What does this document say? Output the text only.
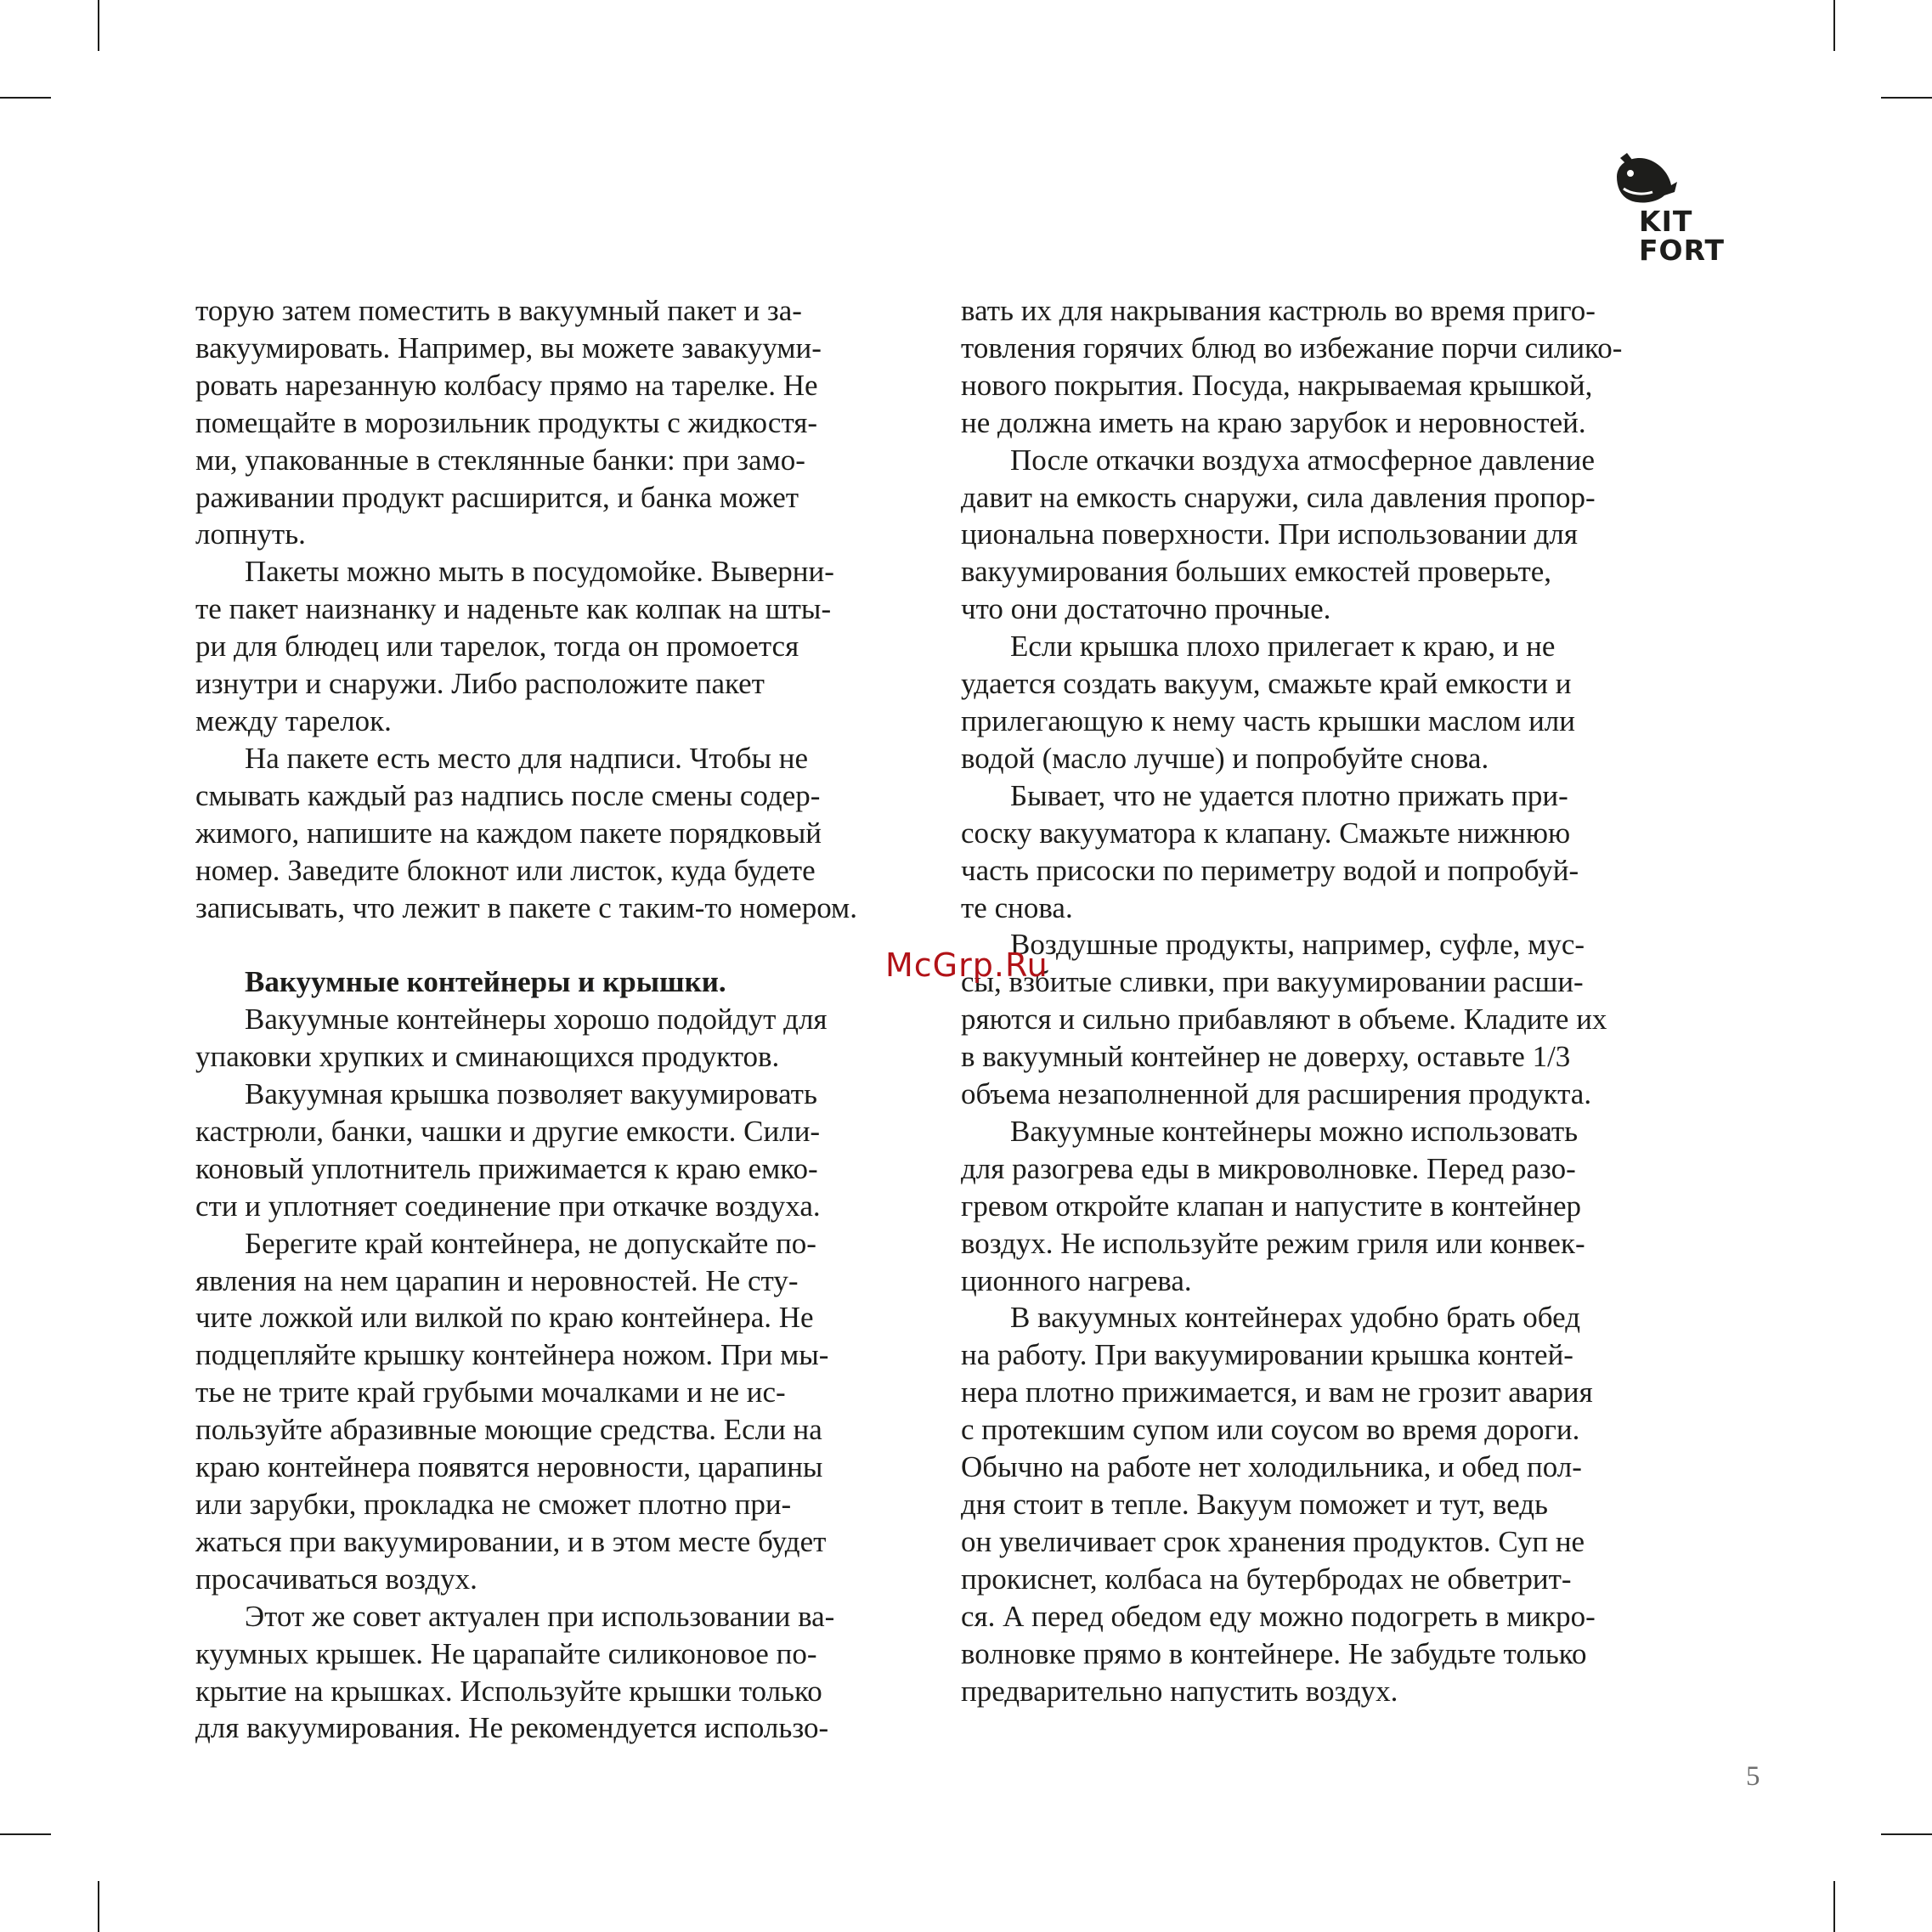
KIT
FORT

торую затем поместить в вакуумный пакет и за-
вакуумировать. Например, вы можете завакууми-
ровать нарезанную колбасу прямо на тарелке. Не
помещайте в морозильник продукты с жидкостя-
ми, упакованные в стеклянные банки: при замо-
раживании продукт расширится, и банка может
лопнуть.

Пакеты можно мыть в посудомойке. Выверни-
те пакет наизнанку и наденьте как колпак на шты-
ри для блюдец или тарелок, тогда он промоется
изнутри и снаружи. Либо расположите пакет
между тарелок.

На пакете есть место для надписи. Чтобы не
смывать каждый раз надпись после смены содер-
жимого, напишите на каждом пакете порядковый
номер. Заведите блокнот или листок, куда будете
записывать, что лежит в пакете с таким-то номером.

Вакуумные контейнеры и крышки.

Вакуумные контейнеры хорошо подойдут для
упаковки хрупких и сминающихся продуктов.

Вакуумная крышка позволяет вакуумировать
кастрюли, банки, чашки и другие емкости. Сили-
коновый уплотнитель прижимается к краю емко-
сти и уплотняет соединение при откачке воздуха.

Берегите край контейнера, не допускайте по-
явления на нем царапин и неровностей. Не сту-
чите ложкой или вилкой по краю контейнера. Не
подцепляйте крышку контейнера ножом. При мы-
тье не трите край грубыми мочалками и не ис-
пользуйте абразивные моющие средства. Если на
краю контейнера появятся неровности, царапины
или зарубки, прокладка не сможет плотно при-
жаться при вакуумировании, и в этом месте будет
просачиваться воздух.

Этот же совет актуален при использовании ва-
куумных крышек. Не царапайте силиконовое по-
крытие на крышках. Используйте крышки только
для вакуумирования. Не рекомендуется использо-

вать их для накрывания кастрюль во время приго-
товления горячих блюд во избежание порчи силико-
нового покрытия. Посуда, накрываемая крышкой,
не должна иметь на краю зарубок и неровностей.

После откачки воздуха атмосферное давление
давит на емкость снаружи, сила давления пропор-
циональна поверхности. При использовании для
вакуумирования больших емкостей проверьте,
что они достаточно прочные.

Если крышка плохо прилегает к краю, и не
удается создать вакуум, смажьте край емкости и
прилегающую к нему часть крышки маслом или
водой (масло лучше) и попробуйте снова.

Бывает, что не удается плотно прижать при-
соску вакууматора к клапану. Смажьте нижнюю
часть присоски по периметру водой и попробуй-
те снова.

Воздушные продукты, например, суфле, мус-
сы, взбитые сливки, при вакуумировании расши-
ряются и сильно прибавляют в объеме. Кладите их
в вакуумный контейнер не доверху, оставьте 1/3
объема незаполненной для расширения продукта.

Вакуумные контейнеры можно использовать
для разогрева еды в микроволновке. Перед разо-
гревом откройте клапан и напустите в контейнер
воздух. Не используйте режим гриля или конвек-
ционного нагрева.

В вакуумных контейнерах удобно брать обед
на работу. При вакуумировании крышка контей-
нера плотно прижимается, и вам не грозит авария
с протекшим супом или соусом во время дороги.
Обычно на работе нет холодильника, и обед пол-
дня стоит в тепле. Вакуум поможет и тут, ведь
он увеличивает срок хранения продуктов. Суп не
прокиснет, колбаса на бутербродах не обветрит-
ся. А перед обедом еду можно подогреть в микро-
волновке прямо в контейнере. Не забудьте только
предварительно напустить воздух.

McGrp.Ru
5
